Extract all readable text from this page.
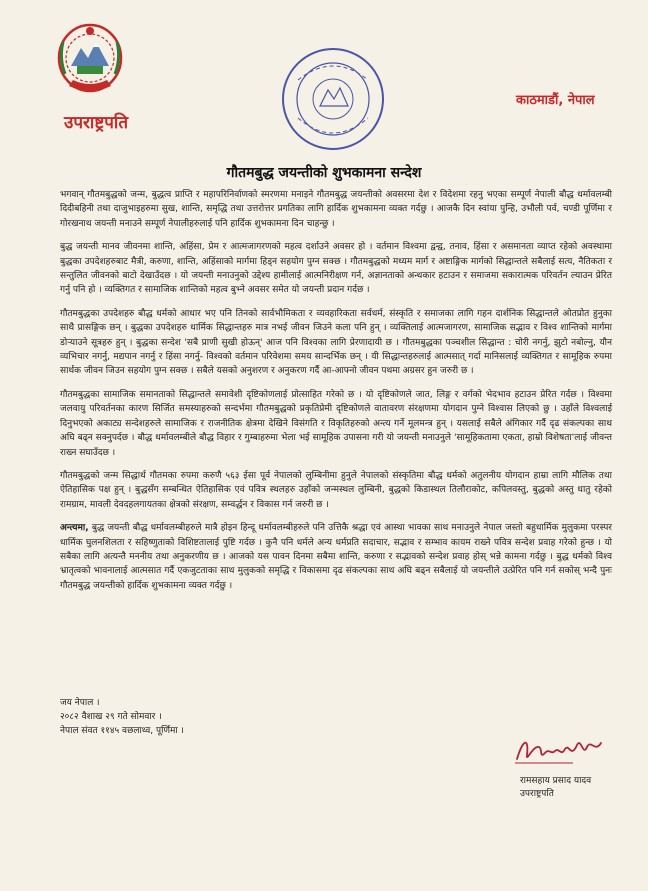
उपराष्ट्रपति
काठमाडौं, नेपाल
गौतमबुद्ध जयन्तीको शुभकामना सन्देश

भगवान् गौतमबुद्धको जन्म, बुद्धत्व प्राप्ति र महापरिनिर्वाणको स्मरणमा मनाइने गौतमबुद्ध जयन्तीको अवसरमा देश र विदेशमा रहनु भएका सम्पूर्ण नेपाली बौद्ध धर्मावलम्बी दिदीबहिनी तथा दाजुभाइहरुमा सुख, शान्ति, समृद्धि तथा उत्तरोत्तर प्रगतिका लागि हार्दिक शुभकामना व्यक्त गर्दछु । आजकै दिन स्वांया पुन्हि, उभौली पर्व, चण्डी पूर्णिमा र गोरखनाथ जयन्ती मनाउने सम्पूर्ण नेपालीहरुलाई पनि हार्दिक शुभकामना दिन चाहन्छु ।

बुद्ध जयन्ती मानव जीवनमा शान्ति, अहिंसा, प्रेम र आत्मजागरणको महत्व दर्शाउने अवसर हो । वर्तमान विश्वमा द्वन्द्व, तनाव, हिंसा र असमानता व्याप्त रहेको अवस्थामा बुद्धका उपदेशहरुबाट मैत्री, करुणा, शान्ति, अहिंसाको मार्गमा हिड्न सहयोग पुग्न सक्छ । गौतमबुद्धको मध्यम मार्ग र अष्टाङ्गिक मार्गको सिद्धान्तले सबैलाई सत्य, नैतिकता र सन्तुलित जीवनको बाटो देखाउँदछ । यो जयन्ती मनाउनुको उद्देश्य हामीलाई आत्मनिरीक्षण गर्न, अज्ञानताको अन्धकार हटाउन र समाजमा सकारात्मक परिवर्तन ल्याउन प्रेरित गर्नु पनि हो । व्यक्तिगत र सामाजिक शान्तिको महत्व बुभ्ने अवसर समेत यो जयन्ती प्रदान गर्दछ ।

गौतमबुद्धका उपदेशहरु बौद्ध धर्मको आधार भए पनि तिनको सार्वभौमिकता र व्यवहारिकता सर्वधर्म, संस्कृति र समाजका लागि गहन दार्शनिक सिद्धान्तले ओतप्रोत हुनुका साथै प्रासङ्गिक छन् । बुद्धका उपदेशहरु धार्मिक सिद्धान्तहरु मात्र नभई जीवन जिउने कला पनि हुन् । व्यक्तिलाई आत्मजागरण, सामाजिक सद्भाव र विश्व शान्तिको मार्गमा डोऱ्याउने सूत्रहरु हुन् । बुद्धका सन्देश 'सबै प्राणी सुखी होऊन्' आज पनि विश्वका लागि प्रेरणादायी छ । गौतमबुद्धका पञ्चशील सिद्धान्त : चोरी नगर्नु, झुटो नबोल्नु, यौन व्यभिचार नगर्नु, मद्यपान नगर्नु र हिंसा नगर्नु- विश्वको वर्तमान परिवेशमा समय सान्दर्भिक छन् । यी सिद्धान्तहरुलाई आत्मसात् गर्दा मानिसलाई व्यक्तिगत र सामूहिक रुपमा सार्थक जीवन जिउन सहयोग पुग्न सक्छ । सबैले यसको अनुशरण र अनुकरण गर्दै आ-आफ्नो जीवन पथमा अग्रसर हुन जरुरी छ ।

गौतमबुद्धका सामाजिक समानताको सिद्धान्तले समावेशी दृष्टिकोणलाई प्रोत्साहित गरेको छ । यो दृष्टिकोणले जात, लिङ्ग र वर्गको भेदभाव हटाउन प्रेरित गर्दछ । विश्वमा जलवायु परिवर्तनका कारण सिर्जित समस्याहरुको सन्दर्भमा गौतमबुद्धको प्रकृतिप्रेमी दृष्टिकोणले वातावरण संरक्षणमा योगदान पुग्ने विश्वास लिएको छु । उहाँले विश्वलाई दिनुभएको अकाट्य सन्देशहरुले सामाजिक र राजनीतिक क्षेत्रमा देखिने विसंगति र विकृतिहरुको अन्त्य गर्ने मूलमन्त्र हुन् । यसलाई सबैले अंगिकार गर्दै दृढ संकल्पका साथ अघि बढ्न सक्नुपर्दछ । बौद्ध धर्मावलम्बीले बौद्ध विहार र गुम्बाहरुमा भेला भई सामूहिक उपासना गरी यो जयन्ती मनाउनुले 'सामूहिकतामा एकता, हाम्रो विशेषता'लाई जीवन्त राख्न सघाउँदछ ।

गौतमबुद्धको जन्म सिद्धार्थ गौतमका रुपमा करुणै ५६३ ईसा पूर्व नेपालको लुम्बिनीमा हुनुले नेपालको संस्कृतिमा बौद्ध धर्मको अतुलनीय योगदान हाम्रा लागि मौलिक तथा ऐतिहासिक पक्ष हुन् । बुद्धसँग सम्बन्धित ऐतिहासिक एवं पवित्र स्थलहरु उहाँको जन्मस्थल लुम्बिनी, बुद्धको किडास्थल तिलौराकोट, कपिलवस्तु, बुद्धको अस्तु धातु रहेको रामग्राम, मावली देवदहलगायतका क्षेत्रको संरक्षण, सम्वर्द्धन र विकास गर्न जरुरी छ ।

अन्त्यमा, बुद्ध जयन्ती बौद्ध धर्मावलम्बीहरुले मात्रै होइन हिन्दू धर्मावलम्बीहरुले पनि उत्तिकै श्रद्धा एवं आस्था भावका साथ मनाउनुले नेपाल जस्तो बहुधार्मिक मुलुकमा परस्पर धार्मिक घुलनशिलता र सहिष्णुताको विशिष्टतालाई पुष्टि गर्दछ । कुनै पनि धर्मले अन्य धर्मप्रति सदाचार, सद्भाव र सम्भाव कायम राख्ने पवित्र सन्देश प्रवाह गरेको हुन्छ । यो सबैका लागि अत्यन्तै मननीय तथा अनुकरणीय छ । आजको यस पावन दिनमा सबैमा शान्ति, करुणा र सद्भावको सन्देश प्रवाह होस् भन्ने कामना गर्दछु । बुद्ध धर्मको विश्व भ्रातृत्वको भावनालाई आत्मसात गर्दै एकजुटताका साथ मुलुकको समृद्धि र विकासमा दृढ संकल्पका साथ अघि बढ्न सबैलाई यो जयन्तीले उत्प्रेरित पनि गर्न सकोस् भन्दै पुनः गौतमबुद्ध जयन्तीको हार्दिक शुभकामना व्यक्त गर्दछु ।

जय नेपाल ।
२०८२ वैशाख २९ गते सोमवार ।
नेपाल संवत ११४५ वछलाथ्व, पूर्णिमा ।
रामसहाय प्रसाद यादव
उपराष्ट्रपति
